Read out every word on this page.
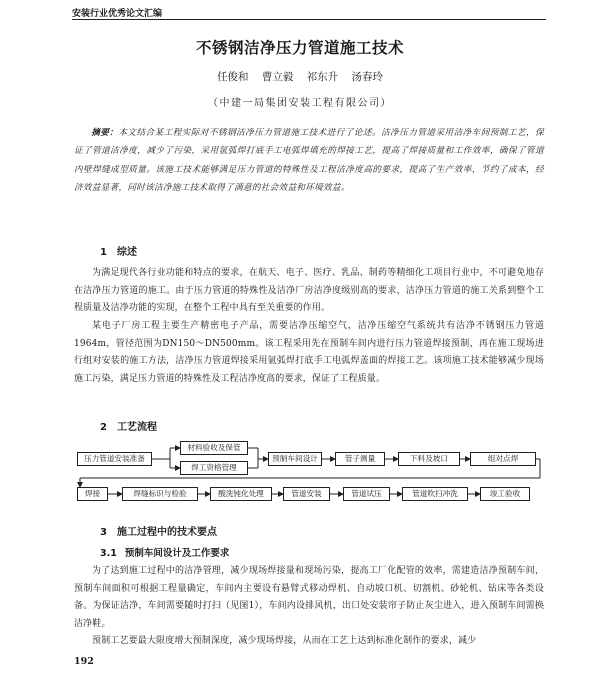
安装行业优秀论文汇编
不锈钢洁净压力管道施工技术
任俊和 曹立毅 祁东升 汤春玲
（中建一局集团安装工程有限公司）

摘要：本文结合某工程实际对不锈钢洁净压力管道施工技术进行了论述。洁净压力管道采用洁净车间预制工艺，保证了管道洁净度，减少了污染，采用氩弧焊打底手工电弧焊填充的焊接工艺，提高了焊接质量和工作效率，确保了管道内壁焊缝成型质量。该施工技术能够满足压力管道的特殊性及工程洁净度高的要求，提高了生产效率，节约了成本，经济效益显著，同时该洁净施工技术取得了满意的社会效益和环境效益。

1 综述

为满足现代各行业功能和特点的要求，在航天、电子、医疗、乳品、制药等精细化工项目行业中，不可避免地存在洁净压力管道的施工。由于压力管道的特殊性及洁净厂房洁净度级别高的要求，洁净压力管道的施工关系到整个工程质量及洁净功能的实现，在整个工程中具有至关重要的作用。

某电子厂房工程主要生产精密电子产品，需要洁净压缩空气，洁净压缩空气系统共有洁净不锈钢压力管道1964m，管径范围为DN150～DN500mm。该工程采用先在预制车间内进行压力管道焊接预制，再在施工现场进行组对安装的施工方法，洁净压力管道焊接采用氩弧焊打底手工电弧焊盖面的焊接工艺。该项施工技术能够减少现场施工污染，满足压力管道的特殊性及工程洁净度高的要求，保证了工程质量。

2 工艺流程
压力管道安装准备
材料验收及保管
焊工资格管理
预制车间设计	管子测量	下料及坡口	组对点焊
焊接	焊缝标识与检验	酸洗钝化处理	管道安装	管道试压	管道吹扫冲洗	竣工验收
3 施工过程中的技术要点
3.1 预制车间设计及工作要求

为了达到施工过程中的洁净管理，减少现场焊接量和现场污染，提高工厂化配管的效率，需建造洁净预制车间，预制车间面积可根据工程量确定，车间内主要设有悬臂式移动焊机、自动坡口机、切割机、砂轮机、钻床等各类设备。为保证洁净，车间需要随时打扫（见图1），车间内设排风机，出口处安装帘子防止灰尘进入，进入预制车间需换洁净鞋。

预制工艺要最大限度增大预制深度，减少现场焊接，从而在工艺上达到标准化制作的要求，减少

192
